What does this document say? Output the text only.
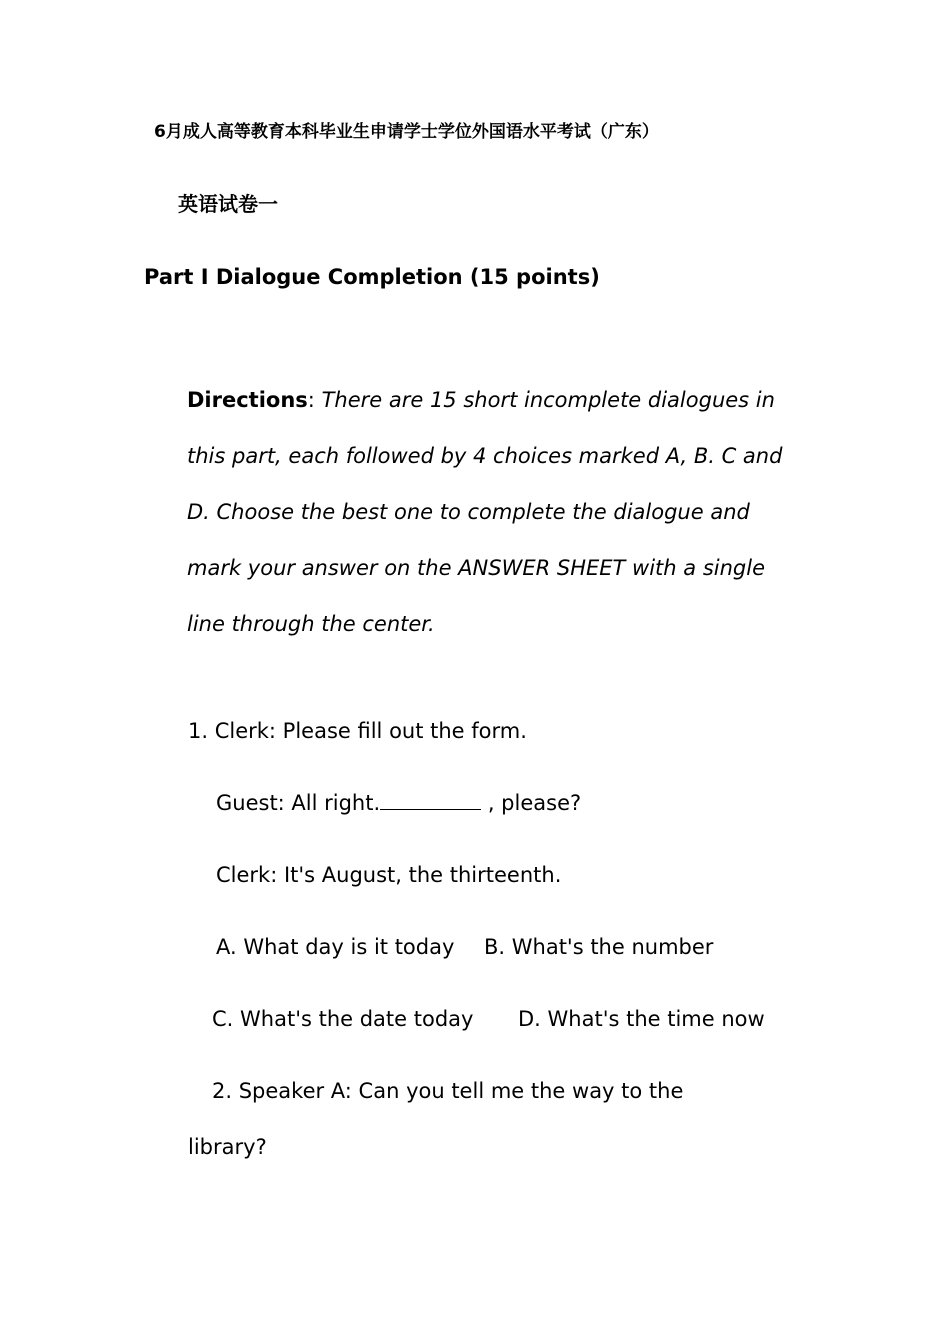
6月成人高等教育本科毕业生申请学士学位外国语水平考试（广东）
英语试卷一
Part I Dialogue Completion (15 points)
Directions: There are 15 short incomplete dialogues in this part, each followed by 4 choices marked A, B. C and D. Choose the best one to complete the dialogue and mark your answer on the ANSWER SHEET with a single line through the center.
1. Clerk: Please fill out the form.
Guest: All right.	, please?
Clerk: It's August, the thirteenth.
A. What day is it today B. What's the number
C. What's the date today D. What's the time now
2. Speaker A: Can you tell me the way to the
library?
